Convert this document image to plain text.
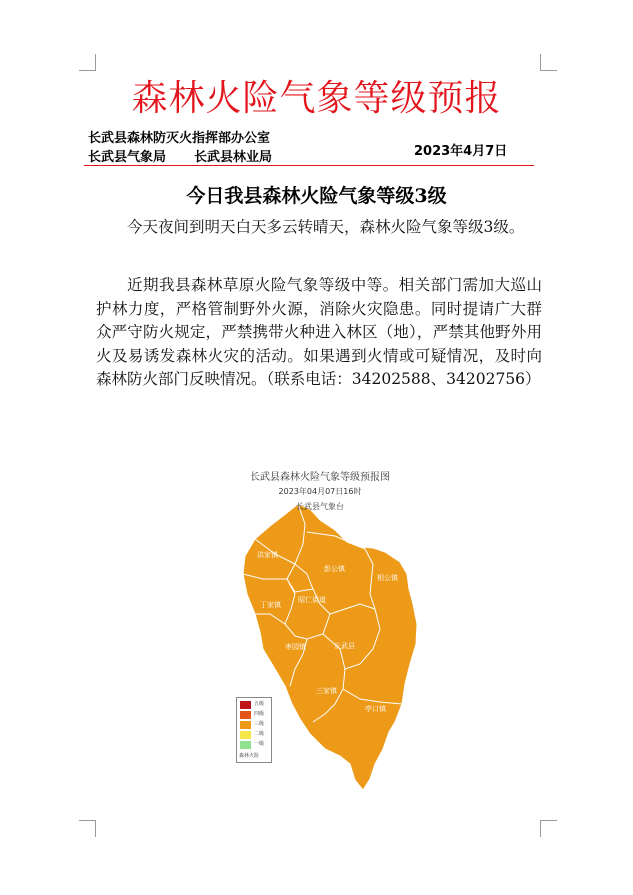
森林火险气象等级预报
长武县森林防灭火指挥部办公室
长武县气象局 长武县林业局	2023年4月7日
今日我县森林火险气象等级3级

今天夜间到明天白天多云转晴天，森林火险气象等级3级。

近期我县森林草原火险气象等级中等。相关部门需加大巡山护林力度，严格管制野外火源，消除火灾隐患。同时提请广大群众严守防火规定，严禁携带火种进入林区（地），严禁其他野外用火及易诱发森林火灾的活动。如果遇到火情或可疑情况，及时向森林防火部门反映情况。（联系电话：34202588、34202756）

长武县森林火险气象等级预报图
2023年04月07日16时
长武县气象台
洪家镇
彭公镇
相公镇
丁家镇
昭仁街道
枣园镇	长武县
三家镇
亭口镇
五级
四级
三级
二级
一级
森林火险
